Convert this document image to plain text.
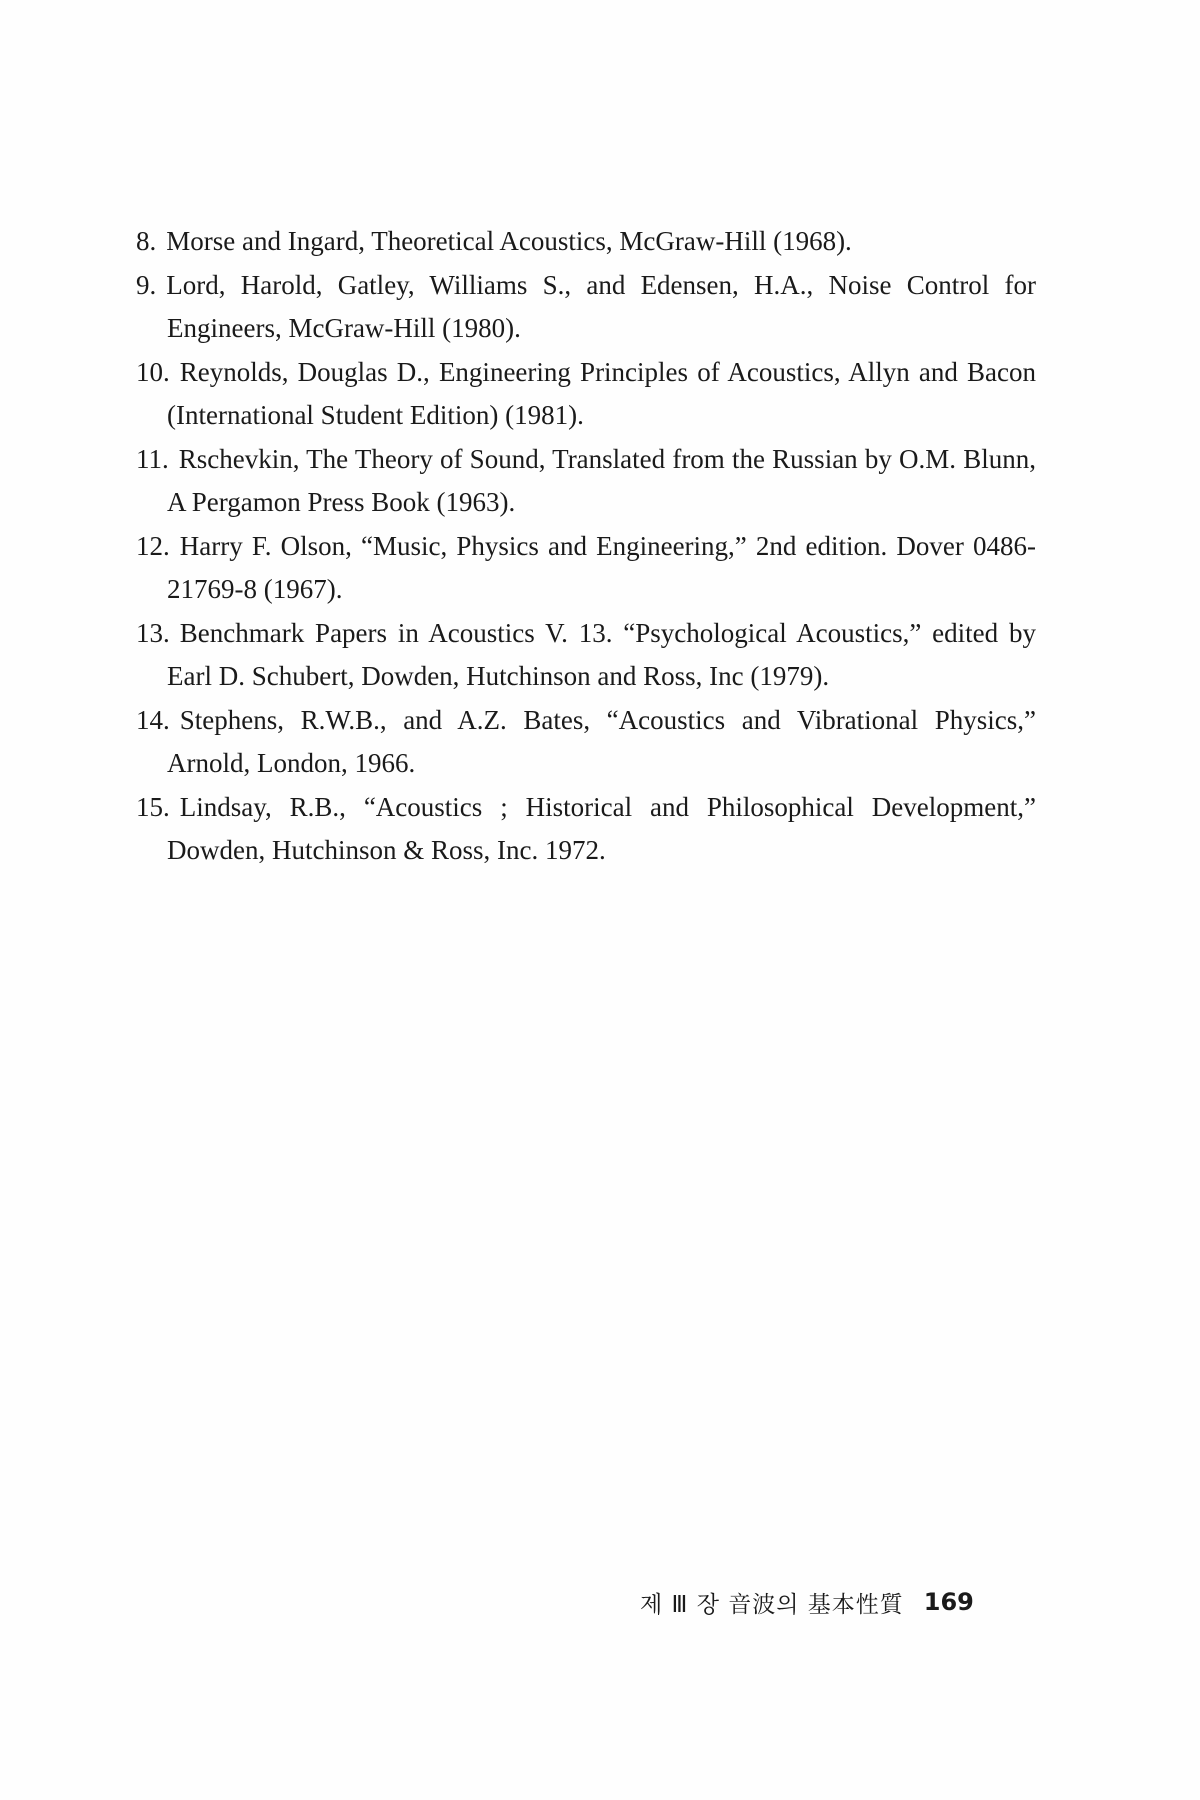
8. Morse and Ingard, Theoretical Acoustics, McGraw-Hill (1968).

9. Lord, Harold, Gatley, Williams S., and Edensen, H.A., Noise Control for Engineers, McGraw-Hill (1980).

10. Reynolds, Douglas D., Engineering Principles of Acoustics, Allyn and Bacon (International Student Edition) (1981).

11. Rschevkin, The Theory of Sound, Translated from the Russian by O.M. Blunn, A Pergamon Press Book (1963).

12. Harry F. Olson, “Music, Physics and Engineering,” 2nd edition. Dover 0486-21769-8 (1967).

13. Benchmark Papers in Acoustics V. 13. “Psychological Acoustics,” edited by Earl D. Schubert, Dowden, Hutchinson and Ross, Inc (1979).

14. Stephens, R.W.B., and A.Z. Bates, “Acoustics and Vibrational Physics,” Arnold, London, 1966.

15. Lindsay, R.B., “Acoustics ; Historical and Philosophical Development,” Dowden, Hutchinson & Ross, Inc. 1972.

제 Ⅲ 장 音波의 基本性質 169
